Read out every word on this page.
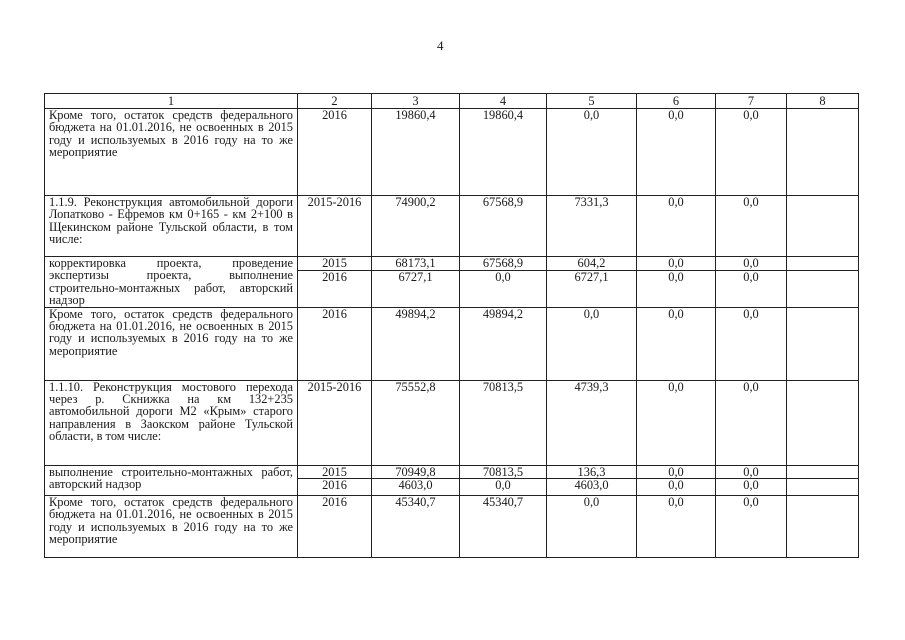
4
1	2	3	4	5	6	7	8
Кроме того, остаток средств федерального бюджета на 01.01.2016, не освоенных в 2015 году и используемых в 2016 году на то же мероприятие	2016	19860,4	19860,4	0,0	0,0	0,0	
1.1.9. Реконструкция автомобильной дороги Лопатково - Ефремов км 0+165 - км 2+100 в Щекинском районе Тульской области, в том числе:	2015-2016	74900,2	67568,9	7331,3	0,0	0,0	
корректировка проекта, проведение экспертизы проекта, выполнение строительно-монтажных работ, авторский надзор	2015	68173,1	67568,9	604,2	0,0	0,0	
	2016	6727,1	0,0	6727,1	0,0	0,0	
Кроме того, остаток средств федерального бюджета на 01.01.2016, не освоенных в 2015 году и используемых в 2016 году на то же мероприятие	2016	49894,2	49894,2	0,0	0,0	0,0	
1.1.10. Реконструкция мостового перехода через р. Скнижка на км 132+235 автомобильной дороги М2 «Крым» старого направления в Заокском районе Тульской области, в том числе:	2015-2016	75552,8	70813,5	4739,3	0,0	0,0	
выполнение строительно-монтажных работ, авторский надзор	2015	70949,8	70813,5	136,3	0,0	0,0	
	2016	4603,0	0,0	4603,0	0,0	0,0	
Кроме того, остаток средств федерального бюджета на 01.01.2016, не освоенных в 2015 году и используемых в 2016 году на то же мероприятие	2016	45340,7	45340,7	0,0	0,0	0,0	
